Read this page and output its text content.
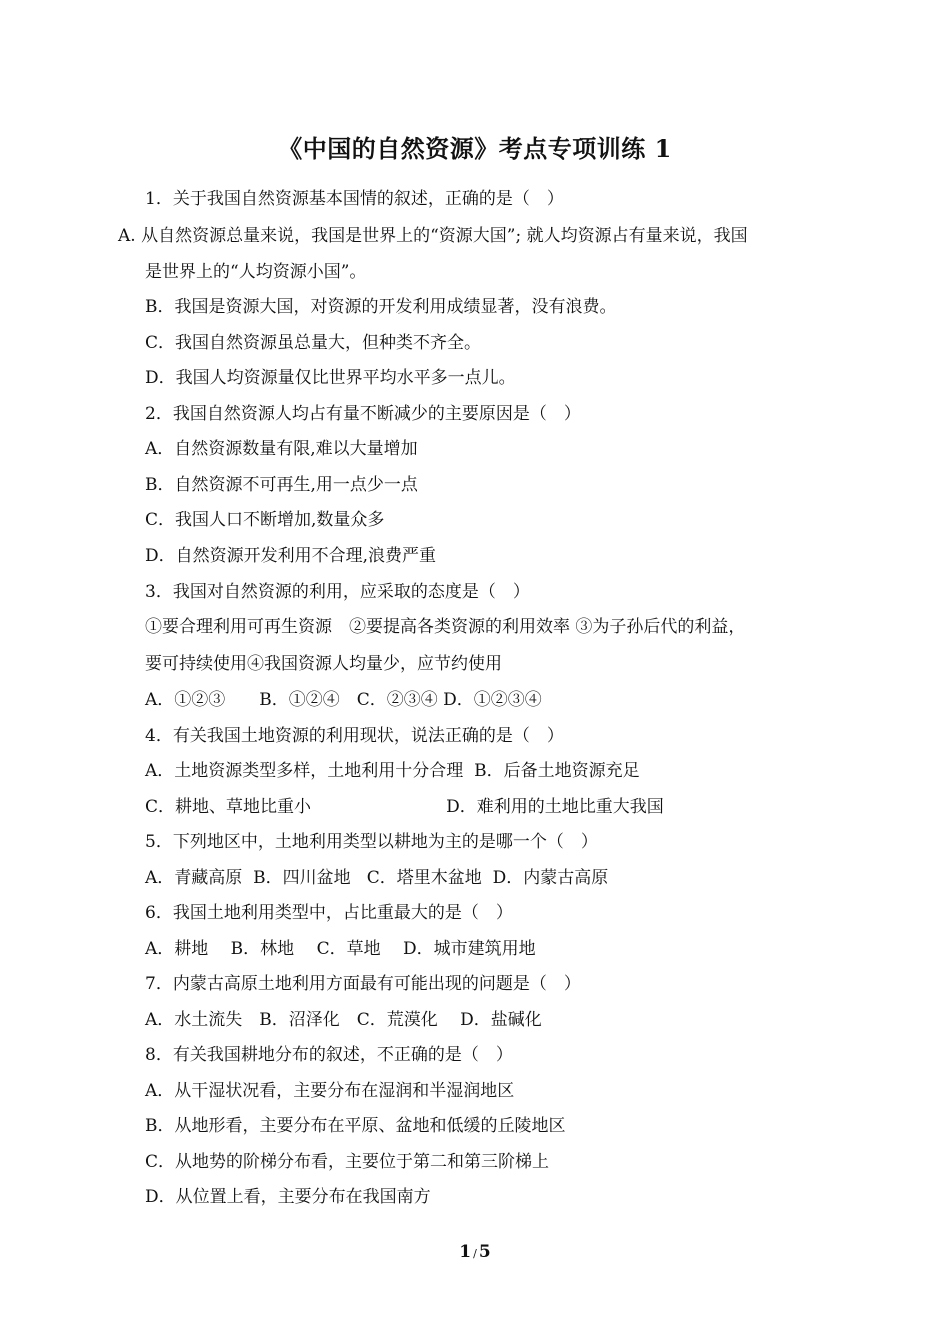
《中国的自然资源》考点专项训练 1
1．关于我国自然资源基本国情的叙述，正确的是（　）
A. 从自然资源总量来说，我国是世界上的“资源大国”; 就人均资源占有量来说，我国
是世界上的“人均资源小国”。
B．我国是资源大国，对资源的开发利用成绩显著，没有浪费。
C．我国自然资源虽总量大，但种类不齐全。
D．我国人均资源量仅比世界平均水平多一点儿。
2．我国自然资源人均占有量不断减少的主要原因是（　）
A．自然资源数量有限,难以大量增加
B．自然资源不可再生,用一点少一点
C．我国人口不断增加,数量众多
D．自然资源开发利用不合理,浪费严重
3．我国对自然资源的利用，应采取的态度是（　）
①要合理利用可再生资源　②要提高各类资源的利用效率 ③为子孙后代的利益，
要可持续使用④我国资源人均量少，应节约使用
A．①②③　　B．①②④　C．②③④ D．①②③④
4．有关我国土地资源的利用现状，说法正确的是（　）
A．土地资源类型多样，土地利用十分合理  B．后备土地资源充足
C．耕地、草地比重小                         D．难利用的土地比重大我国
5．下列地区中，土地利用类型以耕地为主的是哪一个（　）
A．青藏高原  B．四川盆地   C．塔里木盆地  D．内蒙古高原
6．我国土地利用类型中，占比重最大的是（　）
A．耕地　 B．林地　 C．草地　 D．城市建筑用地
7．内蒙古高原土地利用方面最有可能出现的问题是（　）
A．水土流失　B．沼泽化　C．荒漠化　 D．盐碱化
8．有关我国耕地分布的叙述，不正确的是（　）
A．从干湿状况看，主要分布在湿润和半湿润地区
B．从地形看，主要分布在平原、盆地和低缓的丘陵地区
C．从地势的阶梯分布看，主要位于第二和第三阶梯上
D．从位置上看，主要分布在我国南方
1 / 5
